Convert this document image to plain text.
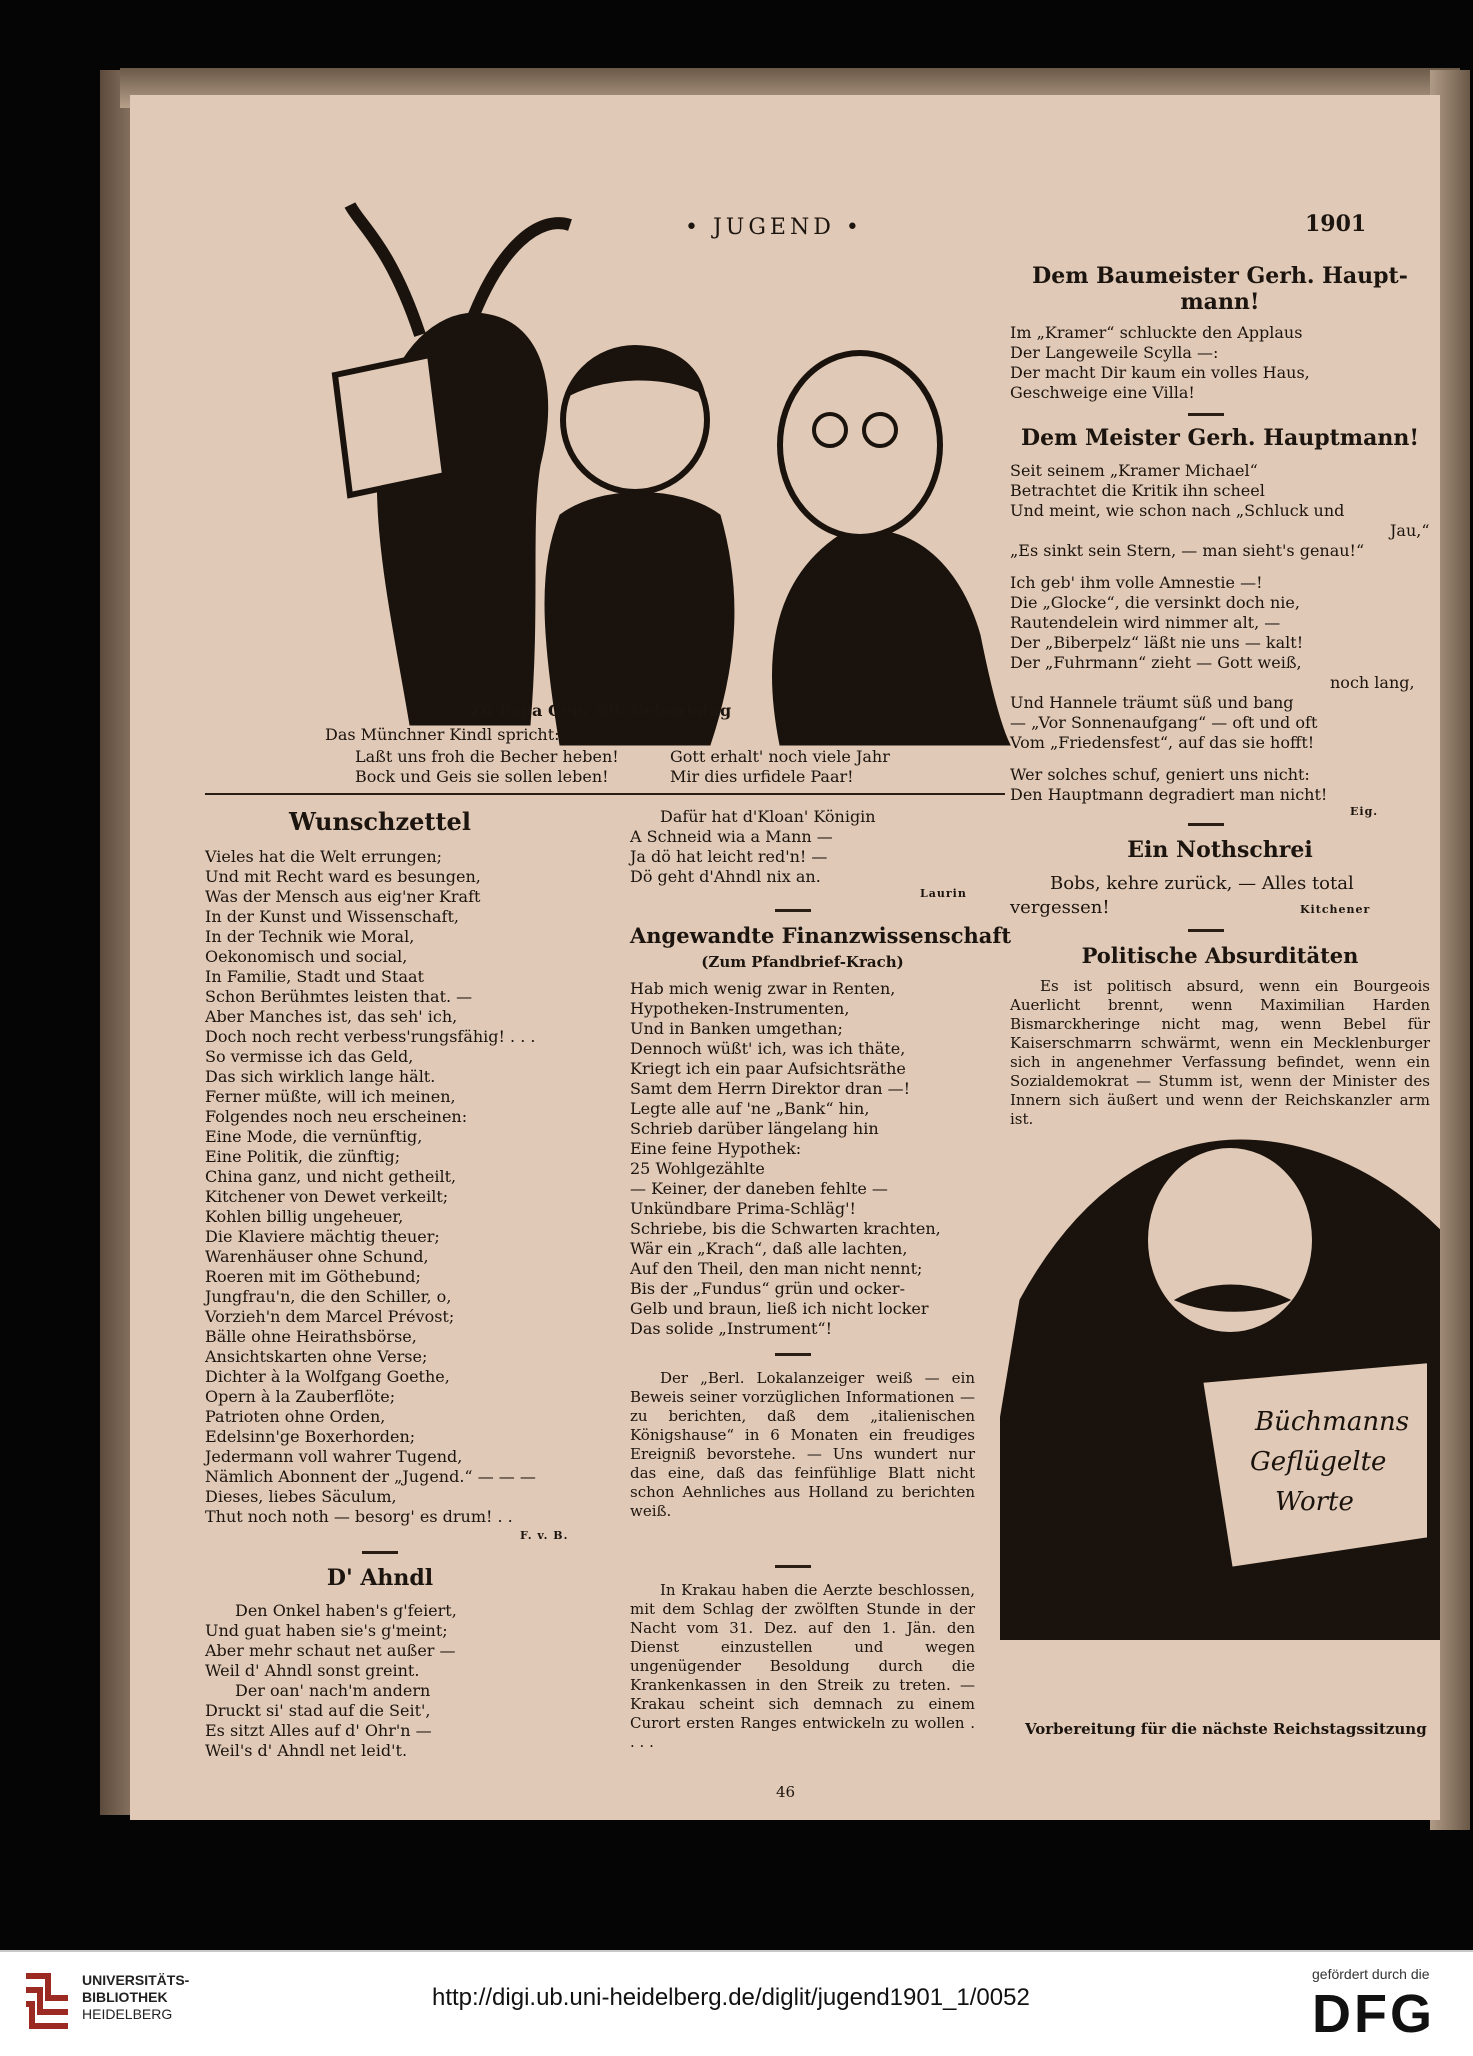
• JUGEND •	1901

Arpad Schmidhammer

Zu Papa Geis' 60. Geburtstag

Das Münchner Kindl spricht:

Laßt uns froh die Becher heben!

Bock und Geis sie sollen leben!

Gott erhalt' noch viele Jahr

Mir dies urfidele Paar!

Dem Baumeister Gerh. Haupt-

mann!

Im „Kramer“ schluckte den Applaus

Der Langeweile Scylla —:

Der macht Dir kaum ein volles Haus,

Geschweige eine Villa!

Dem Meister Gerh. Hauptmann!

Seit seinem „Kramer Michael“

Betrachtet die Kritik ihn scheel

Und meint, wie schon nach „Schluck und

Jau,“

„Es sinkt sein Stern, — man sieht's genau!“

Ich geb' ihm volle Amnestie —!

Die „Glocke“, die versinkt doch nie,

Rautendelein wird nimmer alt, —

Der „Biberpelz“ läßt nie uns — kalt!

Der „Fuhrmann“ zieht — Gott weiß,

noch lang,

Und Hannele träumt süß und bang

— „Vor Sonnenaufgang“ — oft und oft

Vom „Friedensfest“, auf das sie hofft!

Wer solches schuf, geniert uns nicht:

Den Hauptmann degradiert man nicht!

Eig.

Ein Nothschrei

Bobs, kehre zurück, — Alles total

vergessen!	Kitchener

Politische Absurditäten

Es ist politisch absurd, wenn ein Bourgeois Auerlicht brennt, wenn Maximilian Harden Bismarckheringe nicht mag, wenn Bebel für Kaiserschmarrn schwärmt, wenn ein Mecklenburger sich in angenehmer Verfassung befindet, wenn ein Sozialdemokrat — Stumm ist, wenn der Minister des Innern sich äußert und wenn der Reichskanzler arm ist.

Büchmanns
Geflügelte
Worte

Vorbereitung für die nächste Reichstagssitzung

Wunschzettel

Vieles hat die Welt errungen;

Und mit Recht ward es besungen,

Was der Mensch aus eig'ner Kraft

In der Kunst und Wissenschaft,

In der Technik wie Moral,

Oekonomisch und social,

In Familie, Stadt und Staat

Schon Berühmtes leisten that. —

Aber Manches ist, das seh' ich,

Doch noch recht verbess'rungsfähig! . . .

So vermisse ich das Geld,

Das sich wirklich lange hält.

Ferner müßte, will ich meinen,

Folgendes noch neu erscheinen:

Eine Mode, die vernünftig,

Eine Politik, die zünftig;

China ganz, und nicht getheilt,

Kitchener von Dewet verkeilt;

Kohlen billig ungeheuer,

Die Klaviere mächtig theuer;

Warenhäuser ohne Schund,

Roeren mit im Göthebund;

Jungfrau'n, die den Schiller, o,

Vorzieh'n dem Marcel Prévost;

Bälle ohne Heirathsbörse,

Ansichtskarten ohne Verse;

Dichter à la Wolfgang Goethe,

Opern à la Zauberflöte;

Patrioten ohne Orden,

Edelsinn'ge Boxerhorden;

Jedermann voll wahrer Tugend,

Nämlich Abonnent der „Jugend.“ — — —

Dieses, liebes Säculum,

Thut noch noth — besorg' es drum! . .

F. v. B.

D' Ahndl

Den Onkel haben's g'feiert,

Und guat haben sie's g'meint;

Aber mehr schaut net außer —

Weil d' Ahndl sonst greint.

Der oan' nach'm andern

Druckt si' stad auf die Seit',

Es sitzt Alles auf d' Ohr'n —

Weil's d' Ahndl net leid't.

Dafür hat d'Kloan' Königin

A Schneid wia a Mann —

Ja dö hat leicht red'n! —

Dö geht d'Ahndl nix an.

Laurin

Angewandte Finanzwissenschaft

(Zum Pfandbrief-Krach)

Hab mich wenig zwar in Renten,

Hypotheken-Instrumenten,

Und in Banken umgethan;

Dennoch wüßt' ich, was ich thäte,

Kriegt ich ein paar Aufsichtsräthe

Samt dem Herrn Direktor dran —!

Legte alle auf 'ne „Bank“ hin,

Schrieb darüber längelang hin

Eine feine Hypothek:

25 Wohlgezählte

— Keiner, der daneben fehlte —

Unkündbare Prima-Schläg'!

Schriebe, bis die Schwarten krachten,

Wär ein „Krach“, daß alle lachten,

Auf den Theil, den man nicht nennt;

Bis der „Fundus“ grün und ocker-

Gelb und braun, ließ ich nicht locker

Das solide „Instrument“!

Der „Berl. Lokalanzeiger weiß — ein Beweis seiner vorzüglichen Informationen — zu berichten, daß dem „italienischen Königshause“ in 6 Monaten ein freudiges Ereigniß bevorstehe. — Uns wundert nur das eine, daß das feinfühlige Blatt nicht schon Aehnliches aus Holland zu berichten weiß.

In Krakau haben die Aerzte beschlossen, mit dem Schlag der zwölften Stunde in der Nacht vom 31. Dez. auf den 1. Jän. den Dienst einzustellen und wegen ungenügender Besoldung durch die Krankenkassen in den Streik zu treten. — Krakau scheint sich demnach zu einem Curort ersten Ranges entwickeln zu wollen . . . .

46

UNIVERSITÄTS-

BIBLIOTHEK

HEIDELBERG

http://digi.ub.uni-heidelberg.de/diglit/jugend1901_1/0052

gefördert durch die

DFG
